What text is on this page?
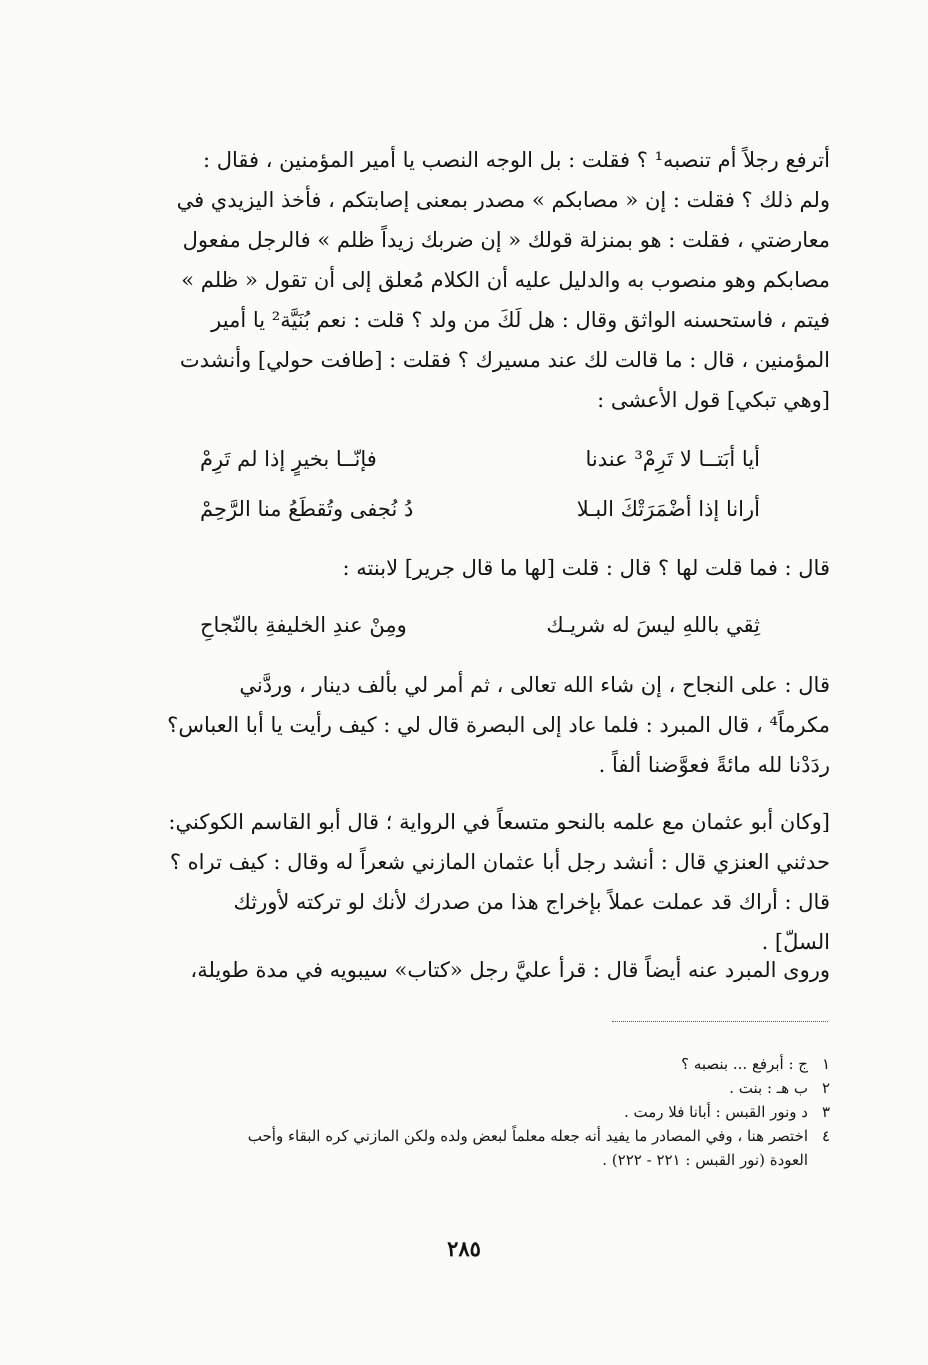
أترفع رجلاً أم تنصبه¹ ؟ فقلت : بل الوجه النصب يا أمير المؤمنين ، فقال :
ولم ذلك ؟ فقلت : إن « مصابكم » مصدر بمعنى إصابتكم ، فأخذ اليزيدي في
معارضتي ، فقلت : هو بمنزلة قولك « إن ضربك زيداً ظلم » فالرجل مفعول
مصابكم وهو منصوب به والدليل عليه أن الكلام مُعلق إلى أن تقول « ظلم »
فيتم ، فاستحسنه الواثق وقال : هل لَكَ من ولد ؟ قلت : نعم بُنَيَّة² يا أمير
المؤمنين ، قال : ما قالت لك عند مسيرك ؟ فقلت : [طافت حولي] وأنشدت
[وهي تبكي] قول الأعشى :
أيا أبَتــا لا تَرِمْ³ عندنا
فإنّــا بخيرٍ إذا لم تَرِمْ
أرانا إذا أضْمَرَتْكَ البـلا
دُ نُجفى وتُقطَعُ منا الرَّحِمْ
قال : فما قلت لها ؟ قال : قلت [لها ما قال جرير] لابنته :
ثِقي باللهِ ليسَ له شريـك
ومِنْ عندِ الخليفةِ بالنّجاحِ
قال : على النجاح ، إن شاء الله تعالى ، ثم أمر لي بألف دينار ، وردَّني
مكرماً⁴ ، قال المبرد : فلما عاد إلى البصرة قال لي : كيف رأيت يا أبا العباس؟
ردَدْنا لله مائةً فعوَّضنا ألفاً .
[وكان أبو عثمان مع علمه بالنحو متسعاً في الرواية ؛ قال أبو القاسم الكوكني:
حدثني العنزي قال : أنشد رجل أبا عثمان المازني شعراً له وقال : كيف تراه ؟
قال : أراك قد عملت عملاً بإخراج هذا من صدرك لأنك لو تركته لأورثك
السلّ] .
وروى المبرد عنه أيضاً قال : قرأ عليَّ رجل «كتاب» سيبويه في مدة طويلة،
١
ج : أبرفع ... بنصبه ؟
٢
ب هـ : بنت .
٣
د ونور القبس : أبانا فلا رمت .
٤
اختصر هنا ، وفي المصادر ما يفيد أنه جعله معلماً لبعض ولده ولكن المازني كره البقاء وأحب
العودة (نور القبس : ٢٢١ - ٢٢٢) .
٢٨٥
